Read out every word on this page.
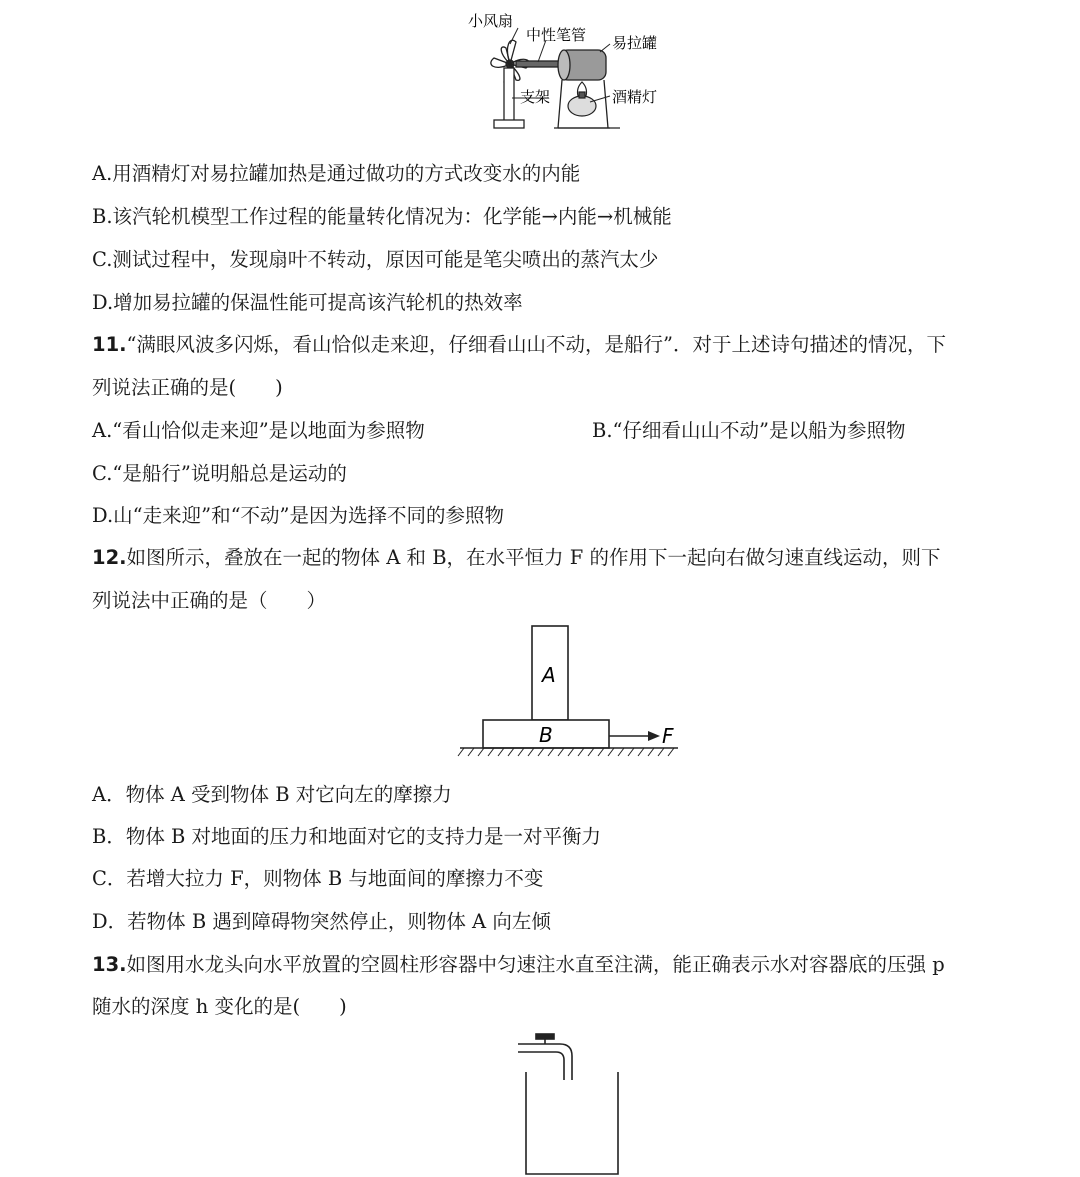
小风扇
中性笔管 易拉罐
支架	酒精灯
A.用酒精灯对易拉罐加热是通过做功的方式改变水的内能
B.该汽轮机模型工作过程的能量转化情况为：化学能→内能→机械能
C.测试过程中，发现扇叶不转动，原因可能是笔尖喷出的蒸汽太少
D.增加易拉罐的保温性能可提高该汽轮机的热效率
11.“满眼风波多闪烁，看山恰似走来迎，仔细看山山不动，是船行”．对于上述诗句描述的情况，下
列说法正确的是(　　)
A.“看山恰似走来迎”是以地面为参照物	B.“仔细看山山不动”是以船为参照物
C.“是船行”说明船总是运动的
D.山“走来迎”和“不动”是因为选择不同的参照物
12.如图所示，叠放在一起的物体 A 和 B，在水平恒力 F 的作用下一起向右做匀速直线运动，则下
列说法中正确的是（　　）
A
B	F
A．物体 A 受到物体 B 对它向左的摩擦力
B．物体 B 对地面的压力和地面对它的支持力是一对平衡力
C．若增大拉力 F，则物体 B 与地面间的摩擦力不变
D．若物体 B 遇到障碍物突然停止，则物体 A 向左倾
13.如图用水龙头向水平放置的空圆柱形容器中匀速注水直至注满，能正确表示水对容器底的压强 p
随水的深度 h 变化的是(　　)
